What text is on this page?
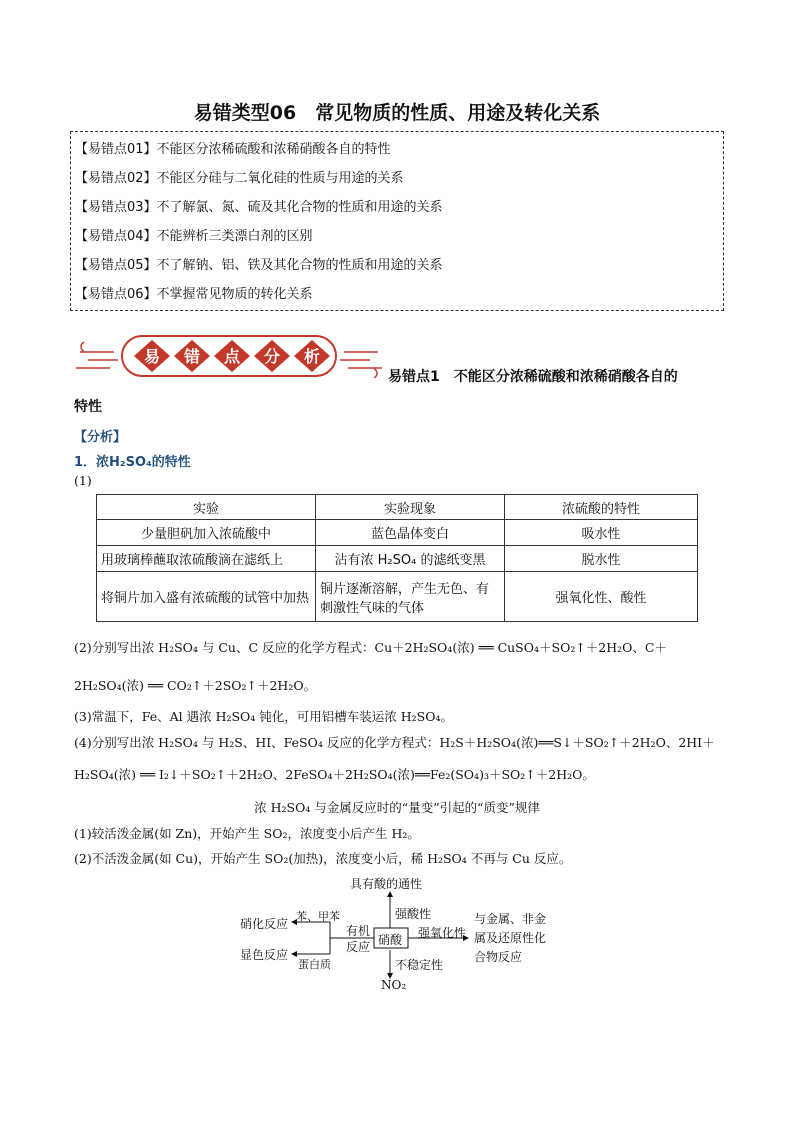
易错类型06　常见物质的性质、用途及转化关系
【易错点01】不能区分浓稀硫酸和浓稀硝酸各自的特性
【易错点02】不能区分硅与二氧化硅的性质与用途的关系
【易错点03】不了解氯、氮、硫及其化合物的性质和用途的关系
【易错点04】不能辨析三类漂白剂的区别
【易错点05】不了解钠、铝、铁及其化合物的性质和用途的关系
【易错点06】不掌握常见物质的转化关系
易 错 点 分 析
易错点1　不能区分浓稀硫酸和浓稀硝酸各自的
特性
【分析】
1．浓H₂SO₄的特性
(1)
实验	实验现象	浓硫酸的特性
少量胆矾加入浓硫酸中	蓝色晶体变白	吸水性
用玻璃棒蘸取浓硫酸滴在滤纸上	沾有浓 H₂SO₄ 的滤纸变黑	脱水性
将铜片加入盛有浓硫酸的试管中加热	铜片逐渐溶解，产生无色、有刺激性气味的气体	强氧化性、酸性
(2)分别写出浓 H₂SO₄ 与 Cu、C 反应的化学方程式：Cu＋2H₂SO₄(浓) ══ CuSO₄＋SO₂↑＋2H₂O、C＋
2H₂SO₄(浓) ══ CO₂↑＋2SO₂↑＋2H₂O。
(3)常温下，Fe、Al 遇浓 H₂SO₄ 钝化，可用铝槽车装运浓 H₂SO₄。
(4)分别写出浓 H₂SO₄ 与 H₂S、HI、FeSO₄ 反应的化学方程式：H₂S＋H₂SO₄(浓)══S↓＋SO₂↑＋2H₂O、2HI＋
H₂SO₄(浓) ══ I₂↓＋SO₂↑＋2H₂O、2FeSO₄＋2H₂SO₄(浓)══Fe₂(SO₄)₃＋SO₂↑＋2H₂O。
浓 H₂SO₄ 与金属反应时的“量变”引起的“质变”规律
(1)较活泼金属(如 Zn)，开始产生 SO₂，浓度变小后产生 H₂。
(2)不活泼金属(如 Cu)，开始产生 SO₂(加热)，浓度变小后，稀 H₂SO₄ 不再与 Cu 反应。
硝酸
具有酸的通性
强酸性
强氧化性
与金属、非金
属及还原性化
合物反应
不稳定性
NO₂
有机
反应
硝化反应
苯、甲苯
显色反应
蛋白质
